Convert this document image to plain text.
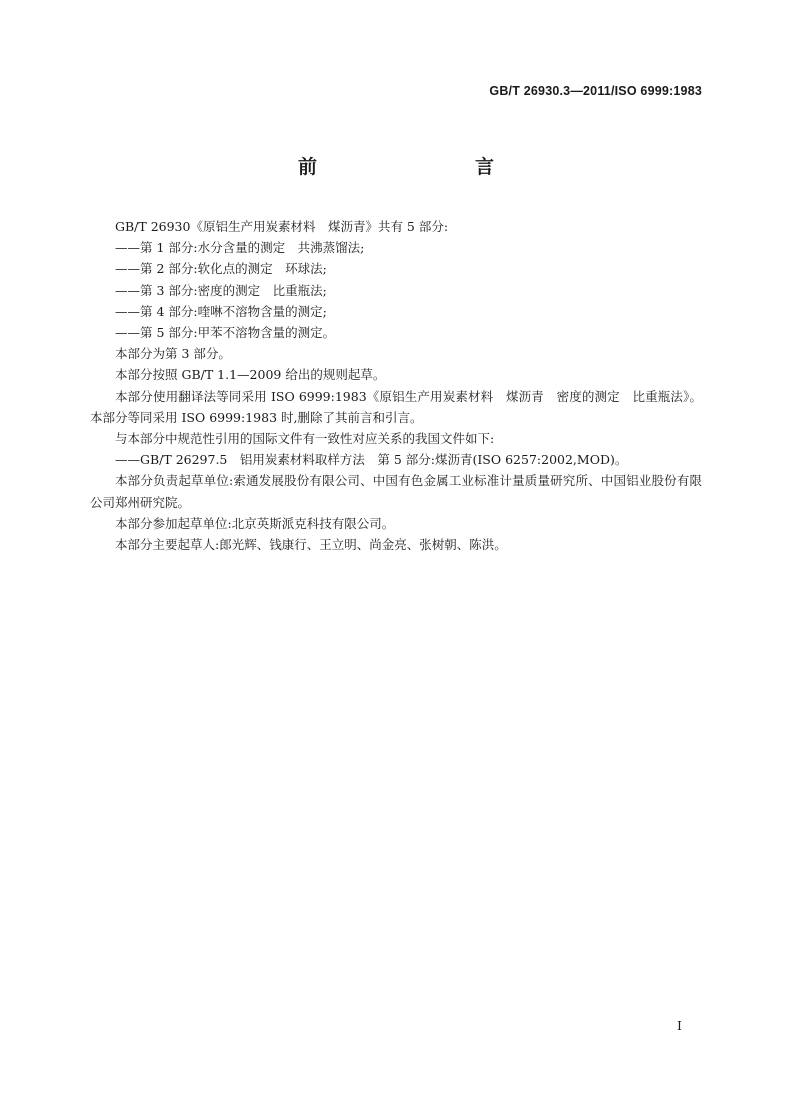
GB/T 26930.3—2011/ISO 6999:1983
前　　言

GB/T 26930《原铝生产用炭素材料　煤沥青》共有 5 部分:

——第 1 部分:水分含量的测定　共沸蒸馏法;

——第 2 部分:软化点的测定　环球法;

——第 3 部分:密度的测定　比重瓶法;

——第 4 部分:喹啉不溶物含量的测定;

——第 5 部分:甲苯不溶物含量的测定。

本部分为第 3 部分。

本部分按照 GB/T 1.1—2009 给出的规则起草。

本部分使用翻译法等同采用 ISO 6999:1983《原铝生产用炭素材料　煤沥青　密度的测定　比重瓶法》。本部分等同采用 ISO 6999:1983 时,删除了其前言和引言。

与本部分中规范性引用的国际文件有一致性对应关系的我国文件如下:

——GB/T 26297.5　铝用炭素材料取样方法　第 5 部分:煤沥青(ISO 6257:2002,MOD)。

本部分负责起草单位:索通发展股份有限公司、中国有色金属工业标准计量质量研究所、中国铝业股份有限公司郑州研究院。

本部分参加起草单位:北京英斯派克科技有限公司。

本部分主要起草人:郎光辉、钱康行、王立明、尚金亮、张树朝、陈洪。

I
